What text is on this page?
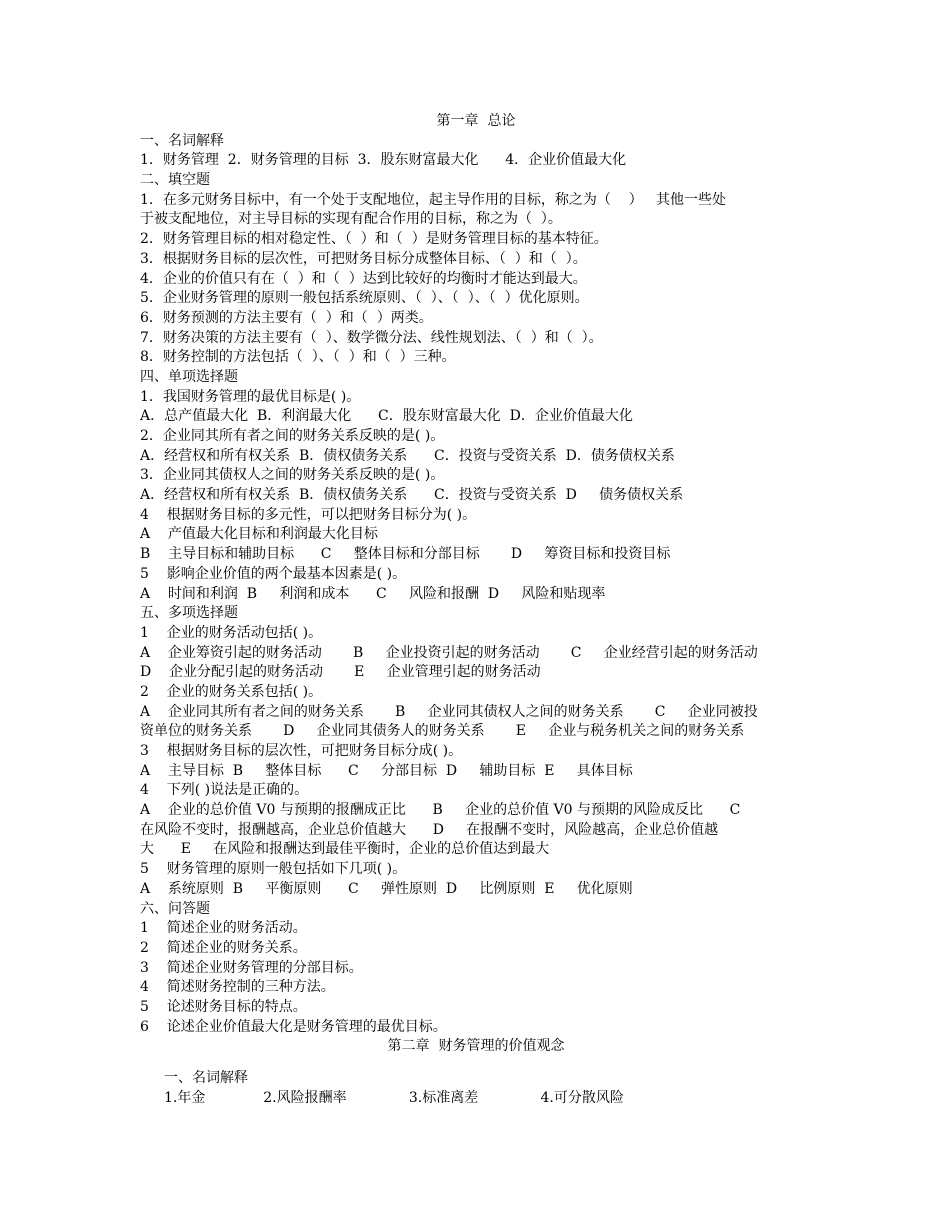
第一章  总论
一、名词解释
1．财务管理  2．财务管理的目标  3．股东财富最大化      4．企业价值最大化
二、填空题
1．在多元财务目标中，有一个处于支配地位，起主导作用的目标，称之为（    ）   其他一些处
于被支配地位，对主导目标的实现有配合作用的目标，称之为（  ）。
2．财务管理目标的相对稳定性、（  ）和（  ）是财务管理目标的基本特征。
3．根据财务目标的层次性，可把财务目标分成整体目标、（  ）和（  ）。
4．企业的价值只有在（  ）和（  ）达到比较好的均衡时才能达到最大。
5．企业财务管理的原则一般包括系统原则、（  ）、（  ）、（  ）优化原则。
6．财务预测的方法主要有（  ）和（  ）两类。
7．财务决策的方法主要有（  ）、数学微分法、线性规划法、（  ）和（  ）。
8．财务控制的方法包括（  ）、（  ）和（  ）三种。
四、单项选择题
1．我国财务管理的最优目标是( )。
A．总产值最大化  B．利润最大化      C．股东财富最大化  D．企业价值最大化
2．企业同其所有者之间的财务关系反映的是( )。
A．经营权和所有权关系  B．债权债务关系      C．投资与受资关系  D．债务债权关系
3．企业同其债权人之间的财务关系反映的是( )。
A．经营权和所有权关系  B．债权债务关系      C．投资与受资关系  D     债务债权关系
4    根据财务目标的多元性，可以把财务目标分为( )。
A    产值最大化目标和利润最大化目标
B    主导目标和辅助目标      C     整体目标和分部目标       D     筹资目标和投资目标
5    影响企业价值的两个最基本因素是( )。
A    时间和利润  B     利润和成本      C     风险和报酬  D     风险和贴现率
五、多项选择题
1    企业的财务活动包括( )。
A    企业筹资引起的财务活动       B     企业投资引起的财务活动       C     企业经营引起的财务活动
D    企业分配引起的财务活动       E     企业管理引起的财务活动
2    企业的财务关系包括( )。
A    企业同其所有者之间的财务关系       B     企业同其债权人之间的财务关系       C     企业同被投
资单位的财务关系       D     企业同其债务人的财务关系       E     企业与税务机关之间的财务关系
3    根据财务目标的层次性，可把财务目标分成( )。
A    主导目标  B     整体目标      C     分部目标  D     辅助目标  E     具体目标
4    下列( )说法是正确的。
A    企业的总价值 V0 与预期的报酬成正比      B     企业的总价值 V0 与预期的风险成反比      C
在风险不变时，报酬越高，企业总价值越大      D     在报酬不变时，风险越高，企业总价值越
大      E     在风险和报酬达到最佳平衡时，企业的总价值达到最大
5    财务管理的原则一般包括如下几项( )。
A    系统原则  B     平衡原则      C     弹性原则  D     比例原则  E     优化原则
六、问答题
1    简述企业的财务活动。
2    简述企业的财务关系。
3    简述企业财务管理的分部目标。
4    简述财务控制的三种方法。
5    论述财务目标的特点。
6    论述企业价值最大化是财务管理的最优目标。
第二章  财务管理的价值观念
一、名词解释
1.年金             2.风险报酬率              3.标准离差              4.可分散风险
